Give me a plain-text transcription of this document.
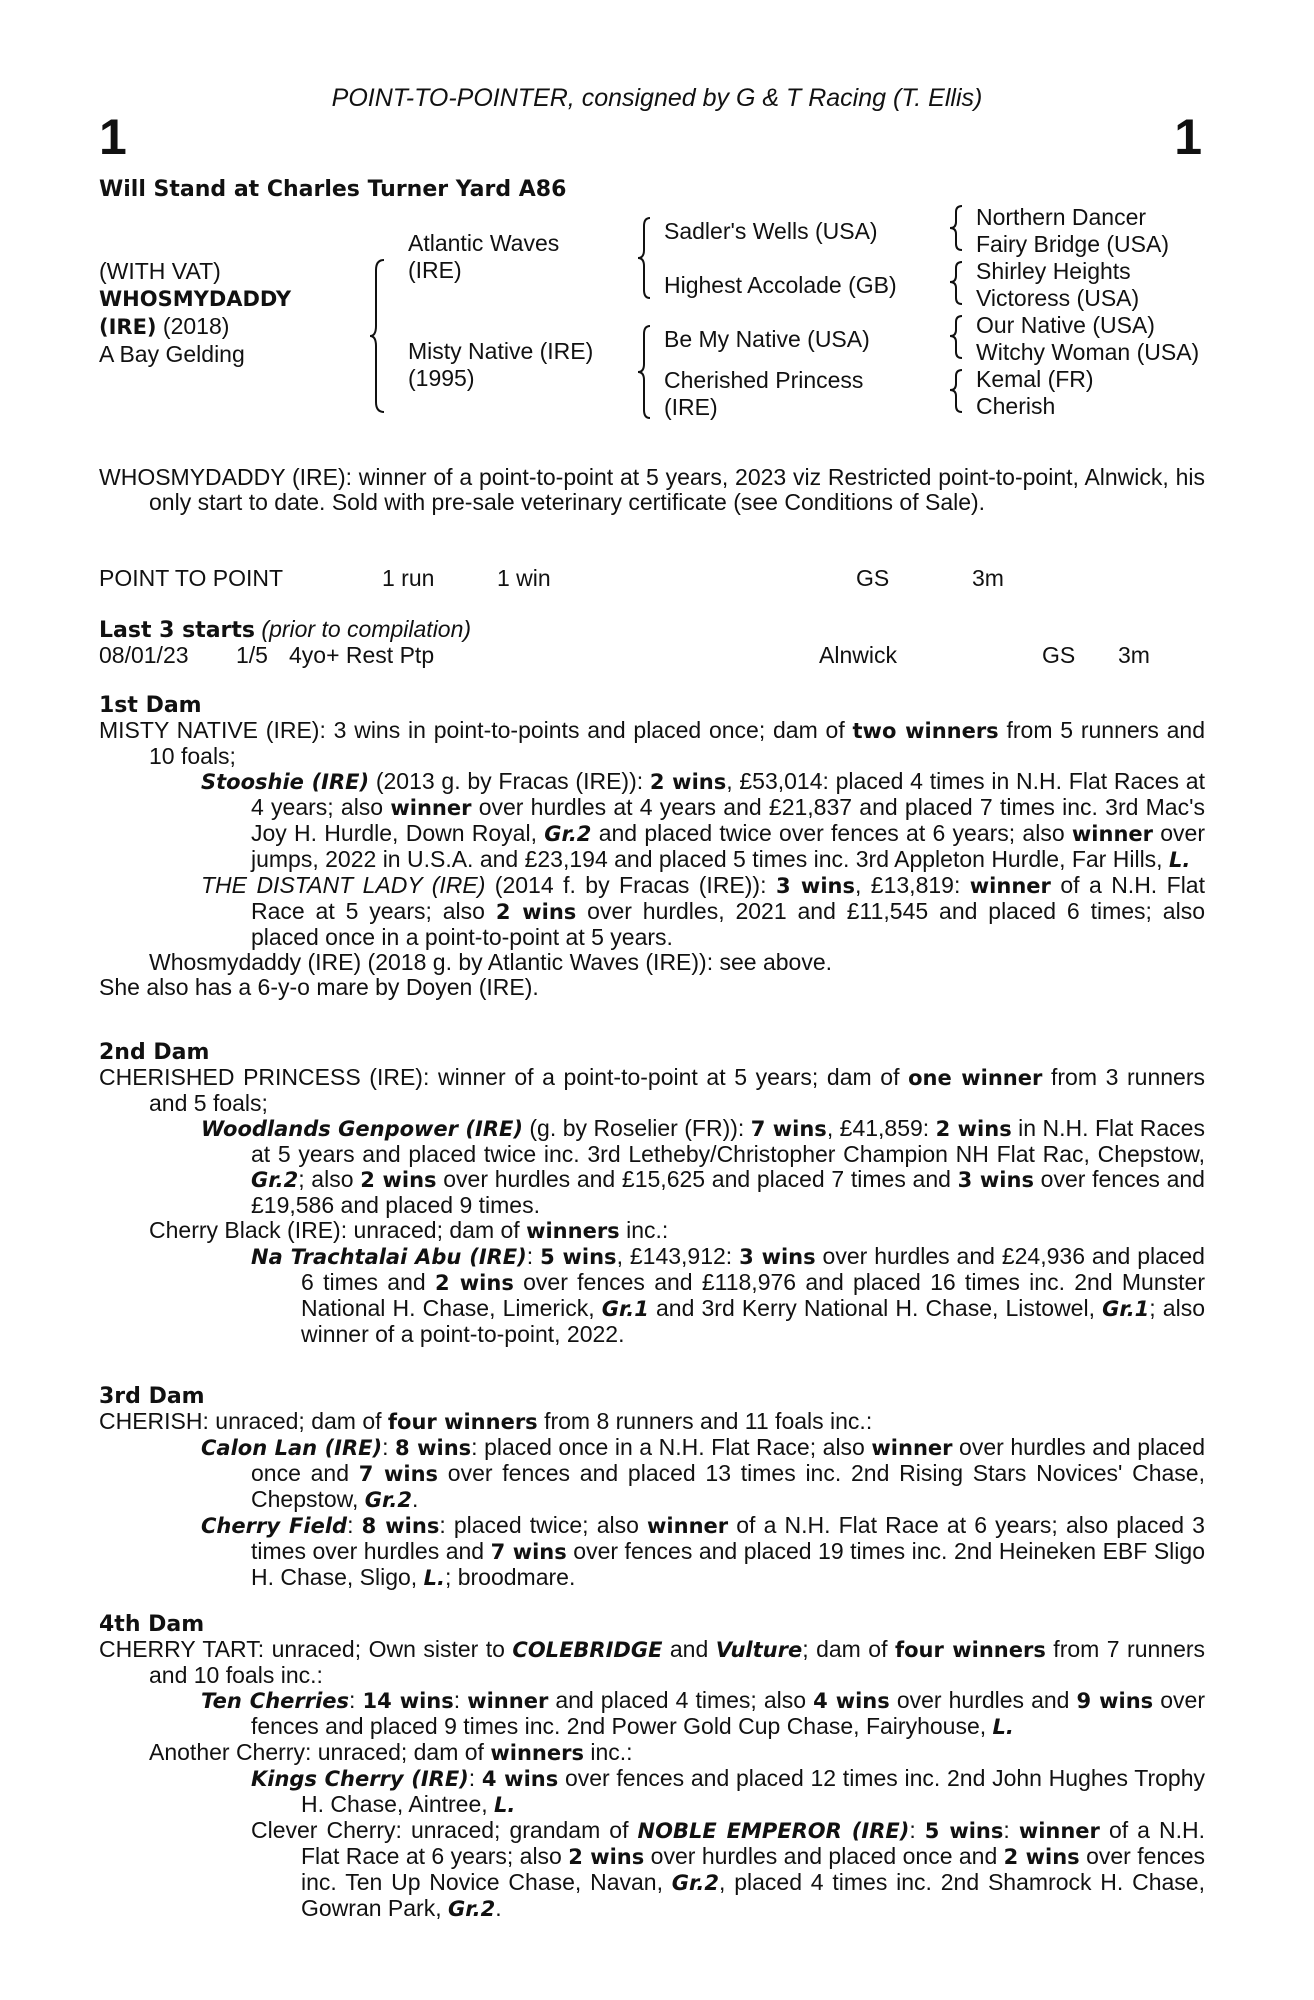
POINT-TO-POINTER, consigned by G & T Racing (T. Ellis)
1	1
Will Stand at Charles Turner Yard A86
(WITH VAT)
WHOSMYDADDY
(IRE) (2018)
A Bay Gelding
Atlantic Waves
(IRE)
Misty Native (IRE)
(1995)
Sadler's Wells (USA)
Highest Accolade (GB)
Be My Native (USA)
Cherished Princess
(IRE)
Northern Dancer
Fairy Bridge (USA)
Shirley Heights
Victoress (USA)
Our Native (USA)
Witchy Woman (USA)
Kemal (FR)
Cherish

WHOSMYDADDY (IRE): winner of a point-to-point at 5 years, 2023 viz Restricted point-to-point, Alnwick, his only start to date. Sold with pre-sale veterinary certificate (see Conditions of Sale).

POINT TO POINT	1 run	1 win	GS	3m
Last 3 starts (prior to compilation)
08/01/23 1/5 4yo+ Rest Ptp	Alnwick	GS 3m

1st Dam

MISTY NATIVE (IRE): 3 wins in point-to-points and placed once; dam of two winners from 5 runners and 10 foals;

Stooshie (IRE) (2013 g. by Fracas (IRE)): 2 wins, £53,014: placed 4 times in N.H. Flat Races at 4 years; also winner over hurdles at 4 years and £21,837 and placed 7 times inc. 3rd Mac's Joy H. Hurdle, Down Royal, Gr.2 and placed twice over fences at 6 years; also winner over jumps, 2022 in U.S.A. and £23,194 and placed 5 times inc. 3rd Appleton Hurdle, Far Hills, L.

THE DISTANT LADY (IRE) (2014 f. by Fracas (IRE)): 3 wins, £13,819: winner of a N.H. Flat Race at 5 years; also 2 wins over hurdles, 2021 and £11,545 and placed 6 times; also placed once in a point-to-point at 5 years.

Whosmydaddy (IRE) (2018 g. by Atlantic Waves (IRE)): see above.

She also has a 6-y-o mare by Doyen (IRE).

2nd Dam

CHERISHED PRINCESS (IRE): winner of a point-to-point at 5 years; dam of one winner from 3 runners and 5 foals;

Woodlands Genpower (IRE) (g. by Roselier (FR)): 7 wins, £41,859: 2 wins in N.H. Flat Races at 5 years and placed twice inc. 3rd Letheby/Christopher Champion NH Flat Rac, Chepstow, Gr.2; also 2 wins over hurdles and £15,625 and placed 7 times and 3 wins over fences and £19,586 and placed 9 times.

Cherry Black (IRE): unraced; dam of winners inc.:

Na Trachtalai Abu (IRE): 5 wins, £143,912: 3 wins over hurdles and £24,936 and placed 6 times and 2 wins over fences and £118,976 and placed 16 times inc. 2nd Munster National H. Chase, Limerick, Gr.1 and 3rd Kerry National H. Chase, Listowel, Gr.1; also winner of a point-to-point, 2022.

3rd Dam

CHERISH: unraced; dam of four winners from 8 runners and 11 foals inc.:

Calon Lan (IRE): 8 wins: placed once in a N.H. Flat Race; also winner over hurdles and placed once and 7 wins over fences and placed 13 times inc. 2nd Rising Stars Novices' Chase, Chepstow, Gr.2.

Cherry Field: 8 wins: placed twice; also winner of a N.H. Flat Race at 6 years; also placed 3 times over hurdles and 7 wins over fences and placed 19 times inc. 2nd Heineken EBF Sligo H. Chase, Sligo, L.; broodmare.

4th Dam

CHERRY TART: unraced; Own sister to COLEBRIDGE and Vulture; dam of four winners from 7 runners and 10 foals inc.:

Ten Cherries: 14 wins: winner and placed 4 times; also 4 wins over hurdles and 9 wins over fences and placed 9 times inc. 2nd Power Gold Cup Chase, Fairyhouse, L.

Another Cherry: unraced; dam of winners inc.:

Kings Cherry (IRE): 4 wins over fences and placed 12 times inc. 2nd John Hughes Trophy H. Chase, Aintree, L.

Clever Cherry: unraced; grandam of NOBLE EMPEROR (IRE): 5 wins: winner of a N.H. Flat Race at 6 years; also 2 wins over hurdles and placed once and 2 wins over fences inc. Ten Up Novice Chase, Navan, Gr.2, placed 4 times inc. 2nd Shamrock H. Chase, Gowran Park, Gr.2.
